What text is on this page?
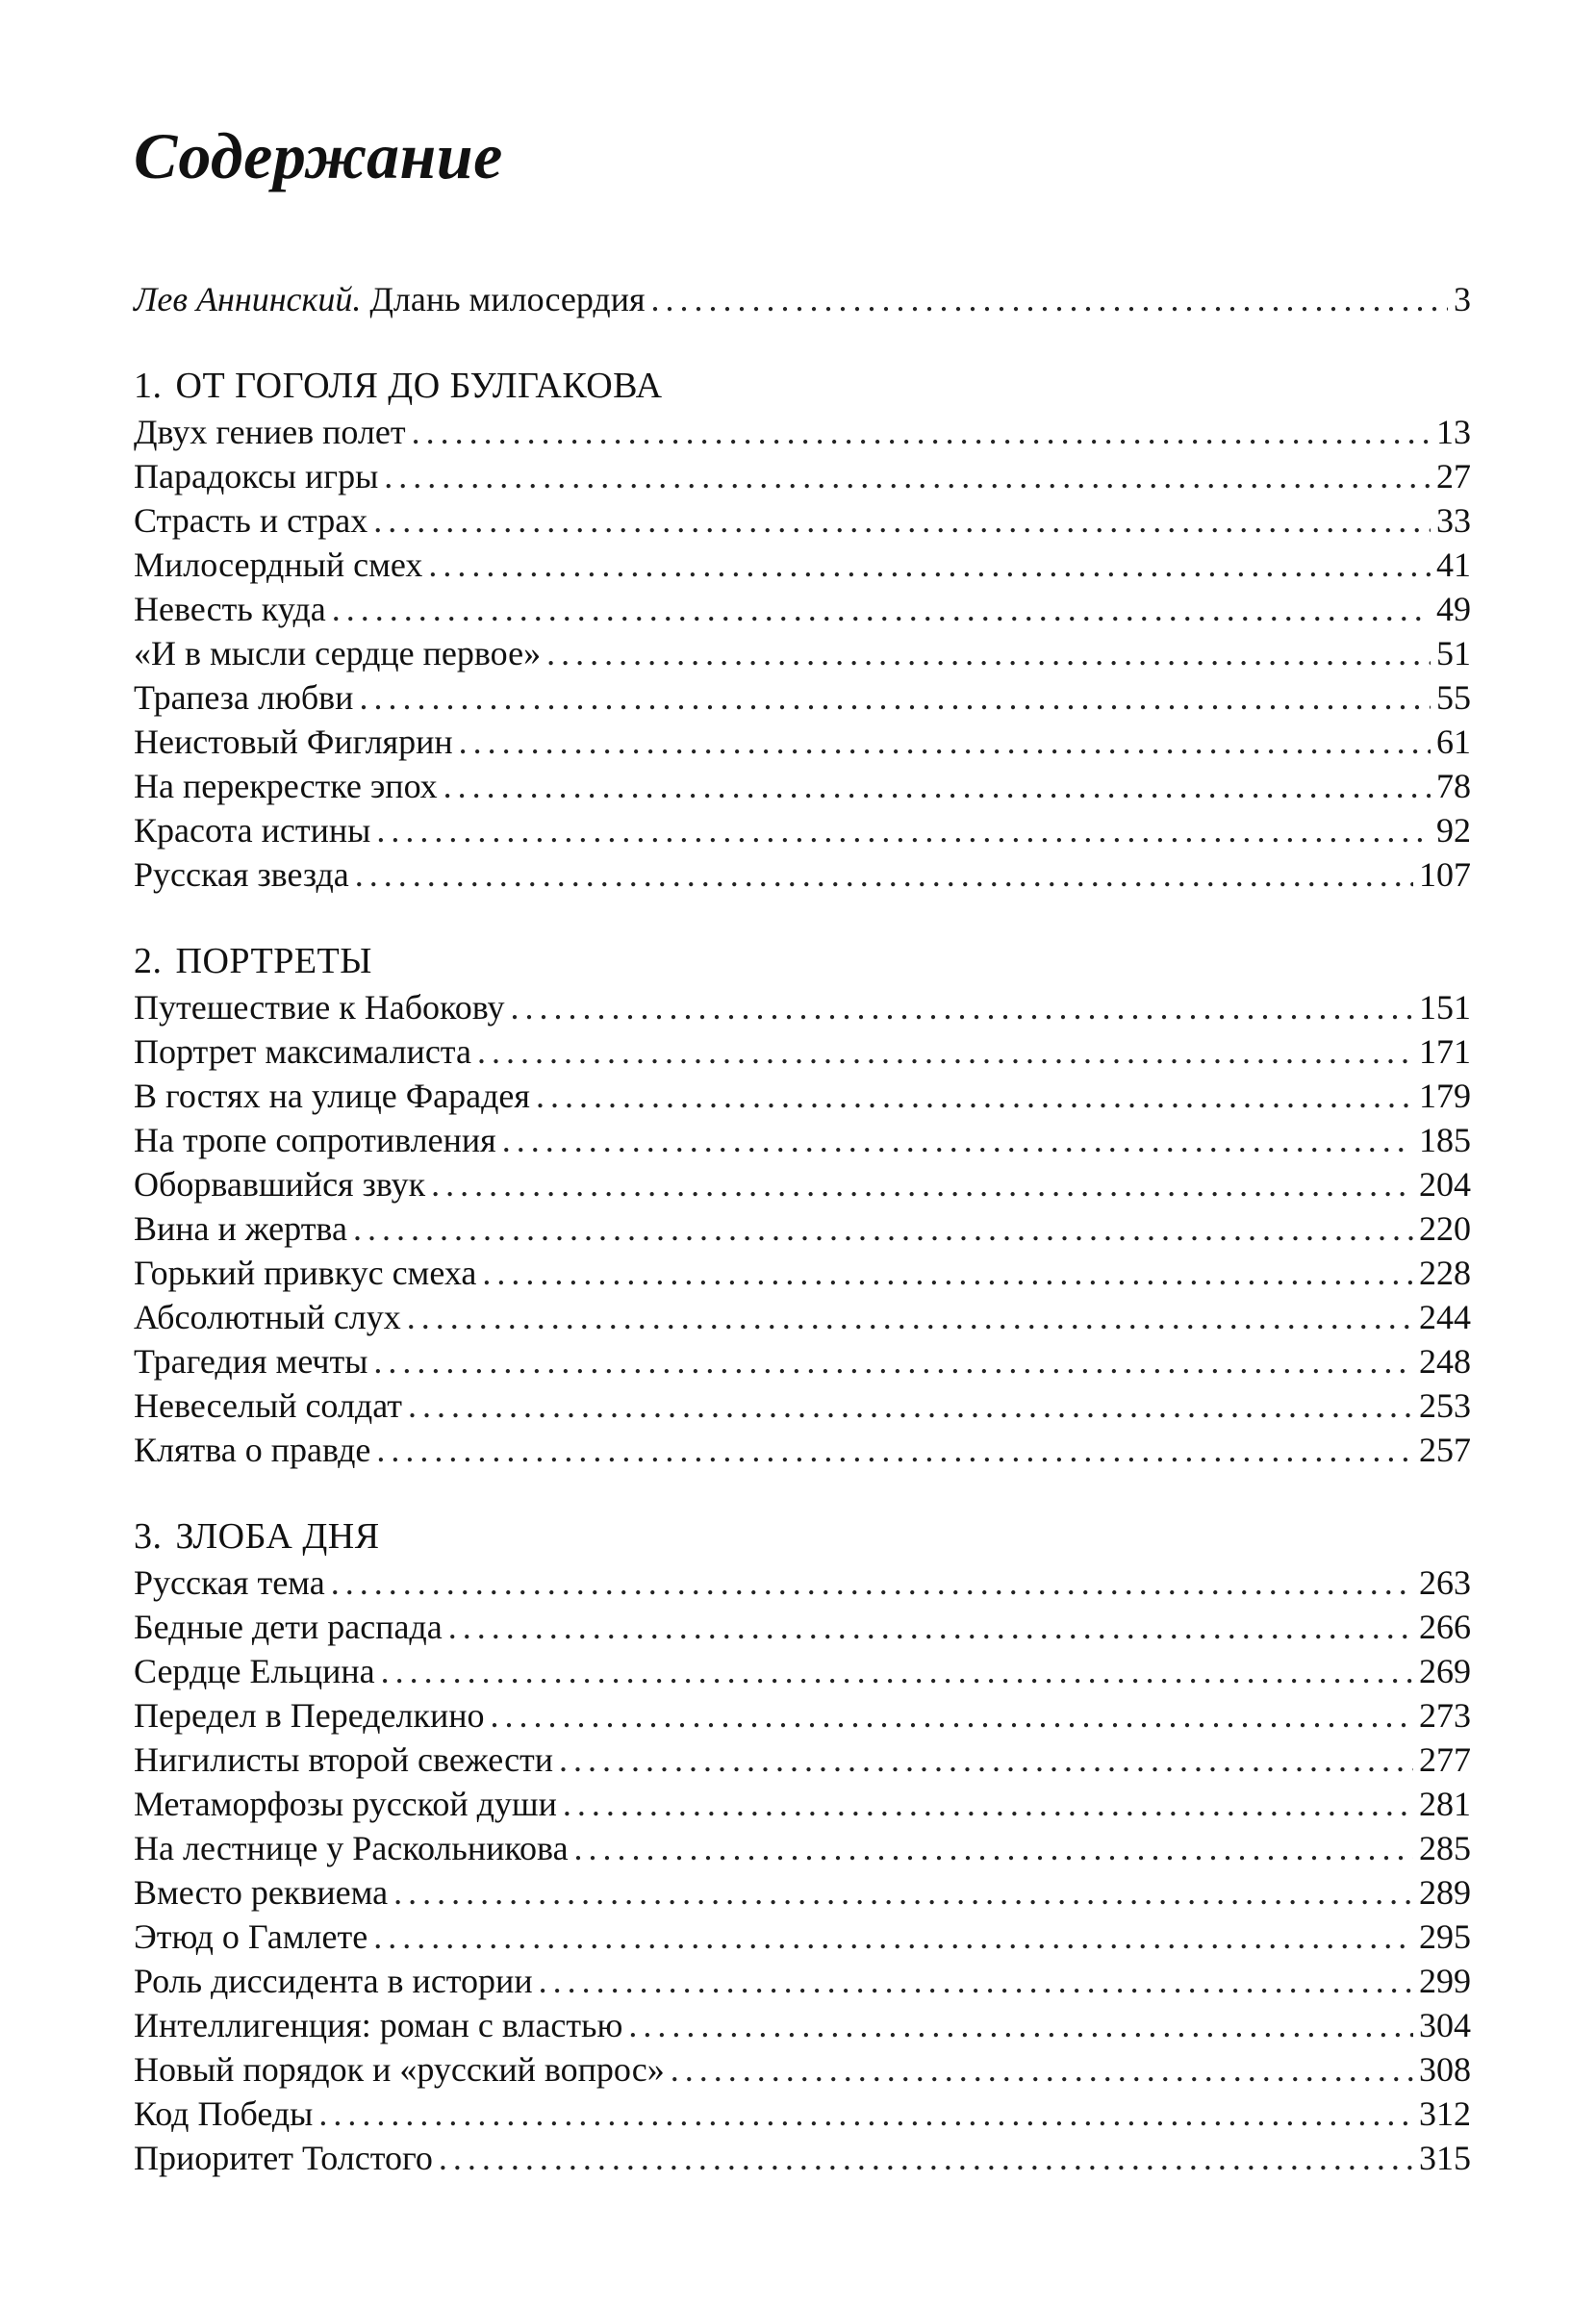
Содержание
Лев Аннинский. Длань милосердия . . .	3
1. ОТ ГОГОЛЯ ДО БУЛГАКОВА
Двух гениев полет . . .	13
Парадоксы игры . . .	27
Страсть и страх . . .	33
Милосердный смех . . .	41
Невесть куда . . .	49
«И в мысли сердце первое» . . .	51
Трапеза любви . . .	55
Неистовый Фиглярин . . .	61
На перекрестке эпох . . .	78
Красота истины . . .	92
Русская звезда . . .	107
2. ПОРТРЕТЫ
Путешествие к Набокову . . .	151
Портрет максималиста . . .	171
В гостях на улице Фарадея . . .	179
На тропе сопротивления . . .	185
Оборвавшийся звук . . .	204
Вина и жертва . . .	220
Горький привкус смеха . . .	228
Абсолютный слух . . .	244
Трагедия мечты . . .	248
Невеселый солдат . . .	253
Клятва о правде . . .	257
3. ЗЛОБА ДНЯ
Русская тема . . .	263
Бедные дети распада . . .	266
Сердце Ельцина . . .	269
Передел в Переделкино . . .	273
Нигилисты второй свежести . . .	277
Метаморфозы русской души . . .	281
На лестнице у Раскольникова . . .	285
Вместо реквиема . . .	289
Этюд о Гамлете . . .	295
Роль диссидента в истории . . .	299
Интеллигенция: роман с властью . . .	304
Новый порядок и «русский вопрос» . . .	308
Код Победы . . .	312
Приоритет Толстого . . .	315
